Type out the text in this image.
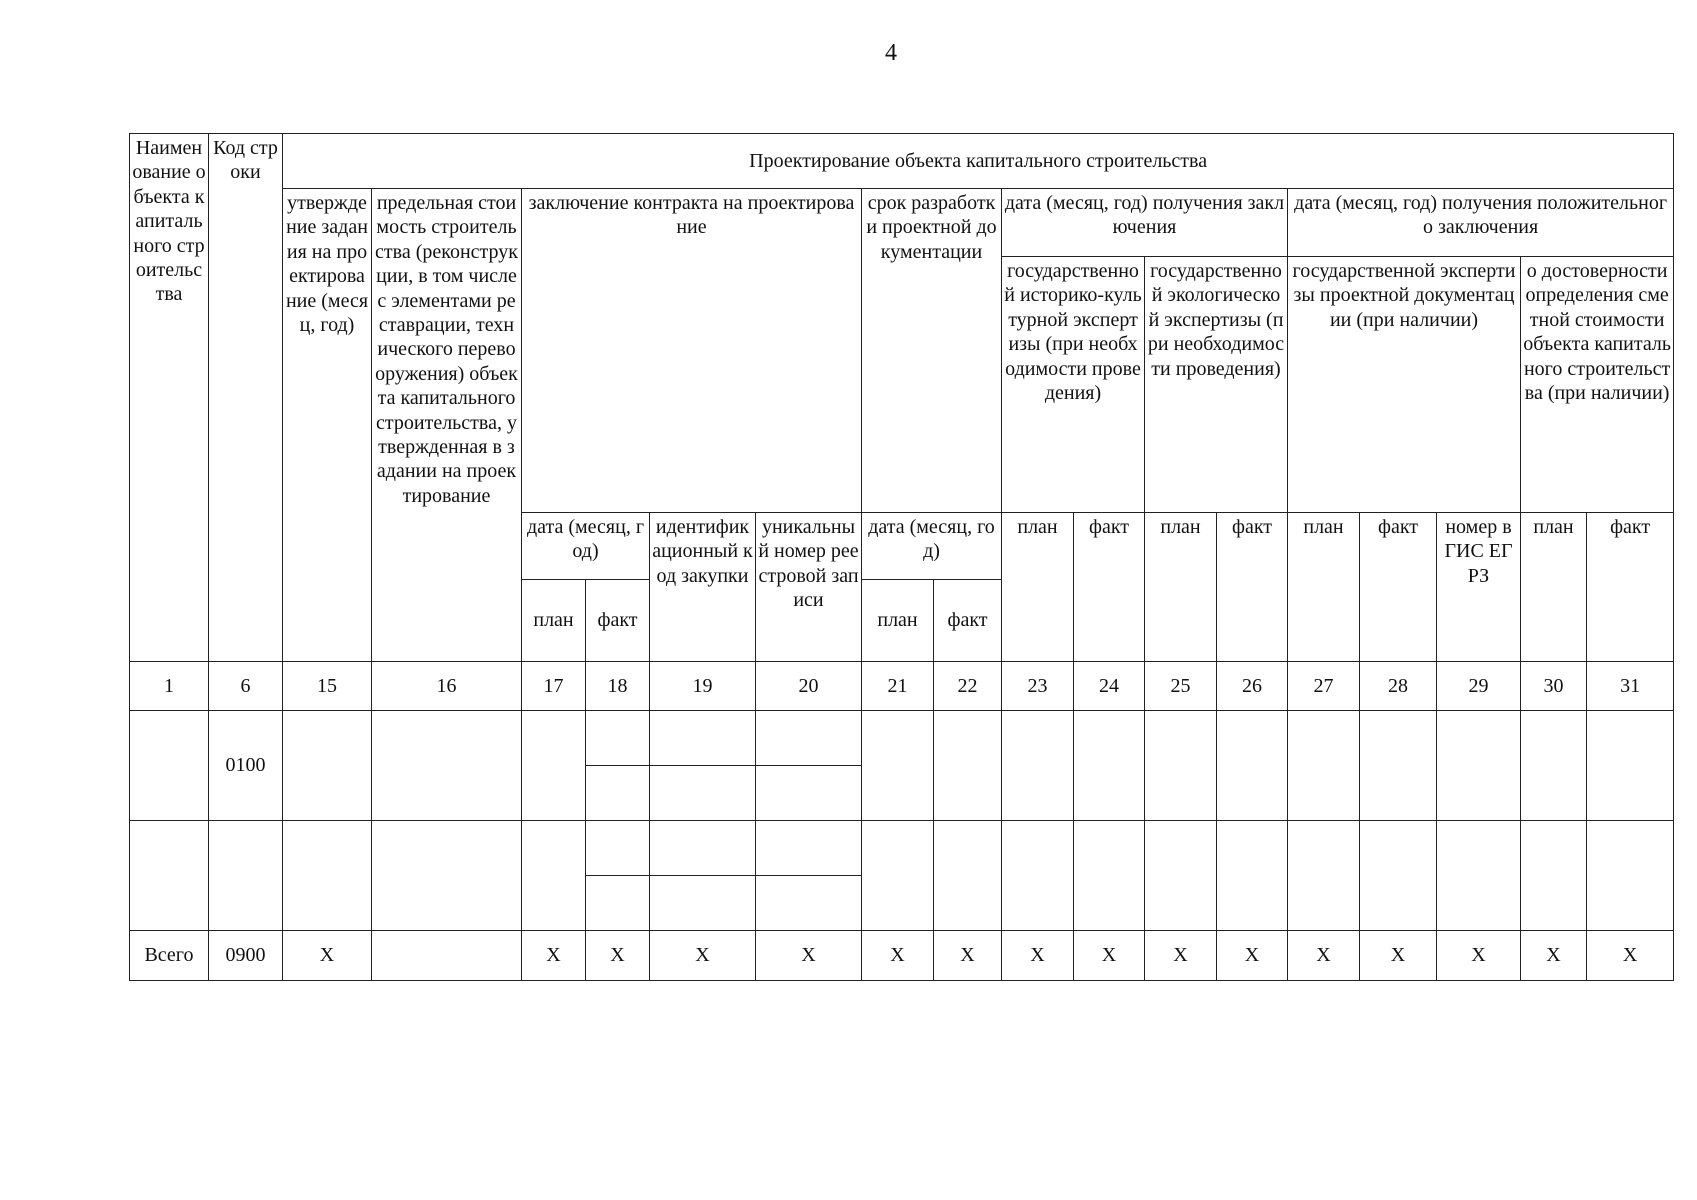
4
Наименование объекта капитального строительства	Код строки	Проектирование объекта капитального строительства																
		утверждение задания на проектирование (месяц, год)	предельная стоимость строительства (реконструкции, в том числе с элементами реставрации, технического перевооружения) объекта капитального строительства, утвержденная в задании на проектирование	заключение контракта на проектирование				срок разработки проектной документации		дата (месяц, год) получения заключения				дата (месяц, год) получения положительного заключения				
										государственной историко-культурной экспертизы (при необходимости проведения)		государственной экологической экспертизы (при необходимости проведения)		государственной экспертизы проектной документации (при наличии)			о достоверности определения сметной стоимости объекта капитального строительства (при наличии)	
				дата (месяц, год)		идентификационный код закупки	уникальный номер реестровой записи	дата (месяц, год)		план	факт	план	факт	план	факт	номер в ГИС ЕГРЗ	план	факт
				план	факт			план	факт									
1	6	15	16	17	18	19	20	21	22	23	24	25	26	27	28	29	30	31
	0100																	

Всего	0900	X		X	X	X	X	X	X	X	X	X	X	X	X	X	X	X
